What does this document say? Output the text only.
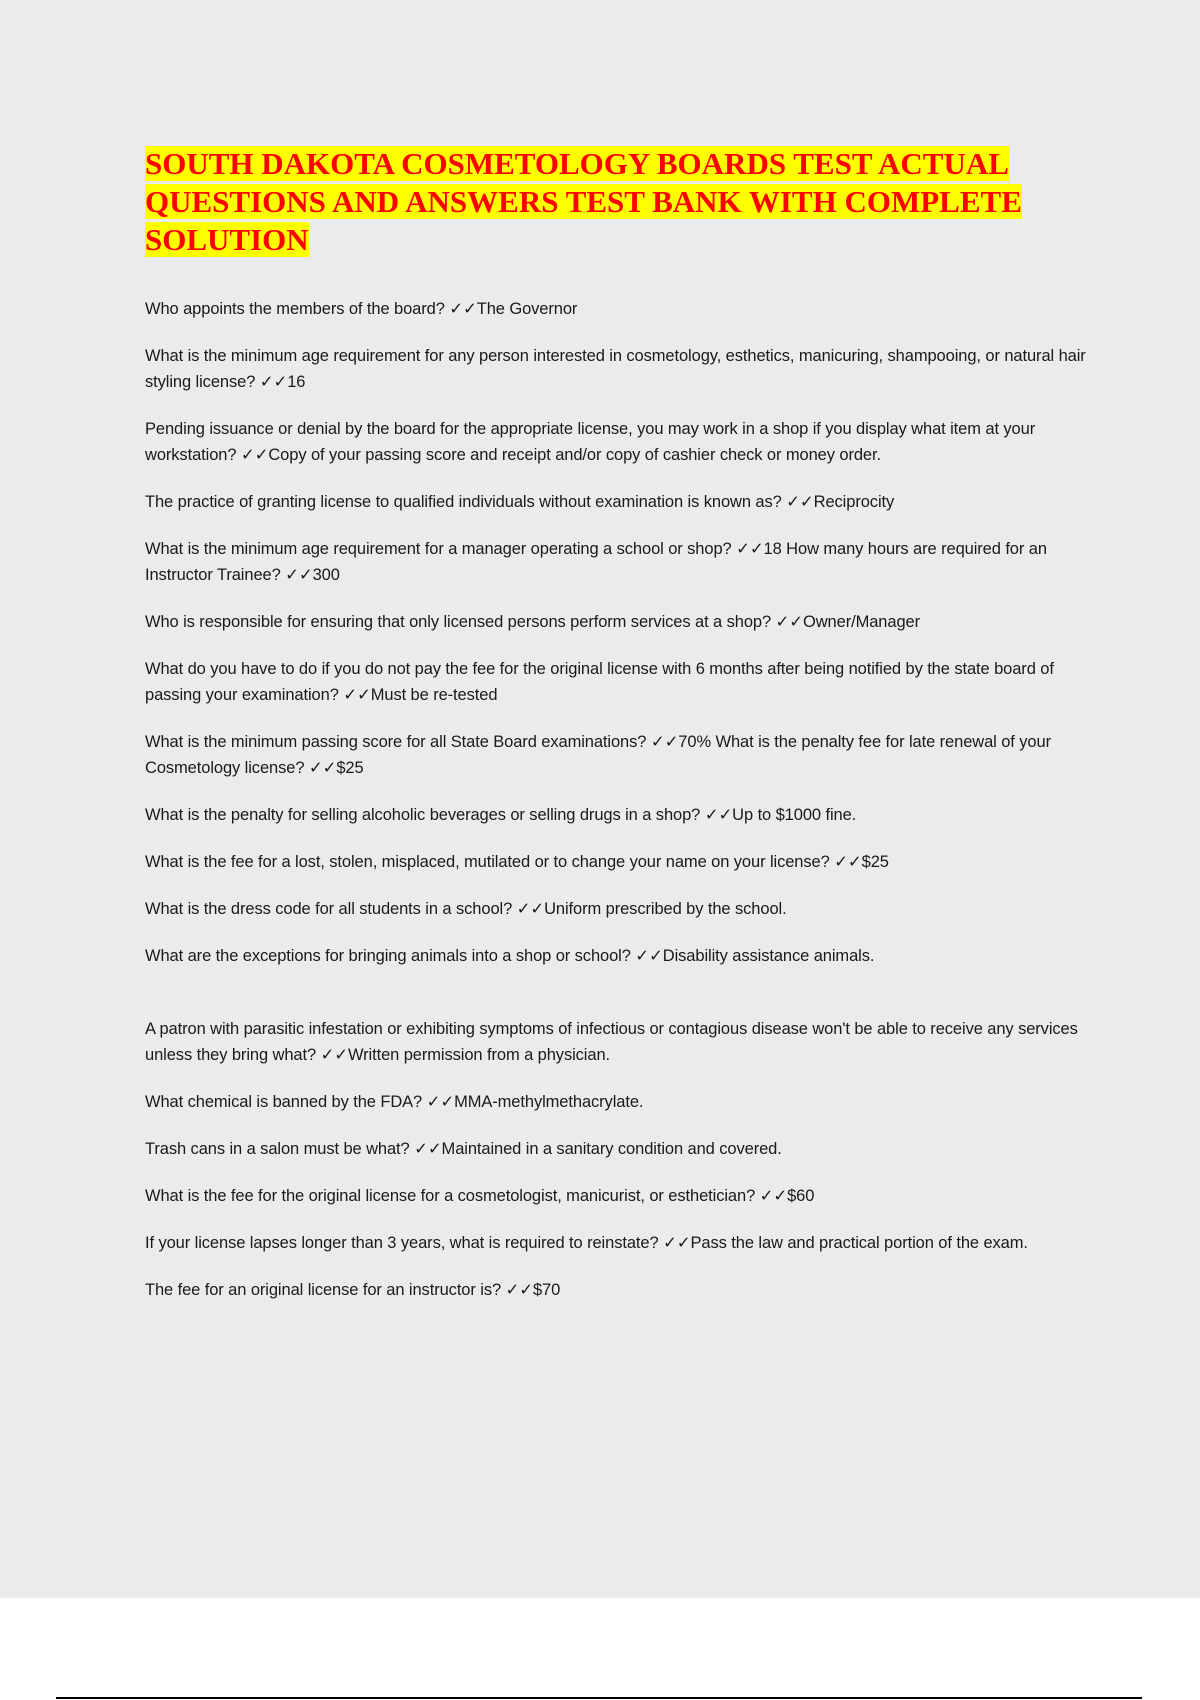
SOUTH DAKOTA COSMETOLOGY BOARDS TEST ACTUAL QUESTIONS AND ANSWERS TEST BANK WITH COMPLETE SOLUTION
Who appoints the members of the board? ✓✓The Governor
What is the minimum age requirement for any person interested in cosmetology, esthetics, manicuring, shampooing, or natural hair styling license? ✓✓16
Pending issuance or denial by the board for the appropriate license, you may work in a shop if you display what item at your workstation? ✓✓Copy of your passing score and receipt and/or copy of cashier check or money order.
The practice of granting license to qualified individuals without examination is known as? ✓✓Reciprocity
What is the minimum age requirement for a manager operating a school or shop? ✓✓18 How many hours are required for an Instructor Trainee? ✓✓300
Who is responsible for ensuring that only licensed persons perform services at a shop? ✓✓Owner/Manager
What do you have to do if you do not pay the fee for the original license with 6 months after being notified by the state board of passing your examination? ✓✓Must be re-tested
What is the minimum passing score for all State Board examinations? ✓✓70% What is the penalty fee for late renewal of your Cosmetology license? ✓✓$25
What is the penalty for selling alcoholic beverages or selling drugs in a shop? ✓✓Up to $1000 fine.
What is the fee for a lost, stolen, misplaced, mutilated or to change your name on your license? ✓✓$25
What is the dress code for all students in a school? ✓✓Uniform prescribed by the school.
What are the exceptions for bringing animals into a shop or school? ✓✓Disability assistance animals.
A patron with parasitic infestation or exhibiting symptoms of infectious or contagious disease won't be able to receive any services unless they bring what? ✓✓Written permission from a physician.
What chemical is banned by the FDA? ✓✓MMA-methylmethacrylate.
Trash cans in a salon must be what? ✓✓Maintained in a sanitary condition and covered.
What is the fee for the original license for a cosmetologist, manicurist, or esthetician? ✓✓$60
If your license lapses longer than 3 years, what is required to reinstate? ✓✓Pass the law and practical portion of the exam.
The fee for an original license for an instructor is? ✓✓$70
